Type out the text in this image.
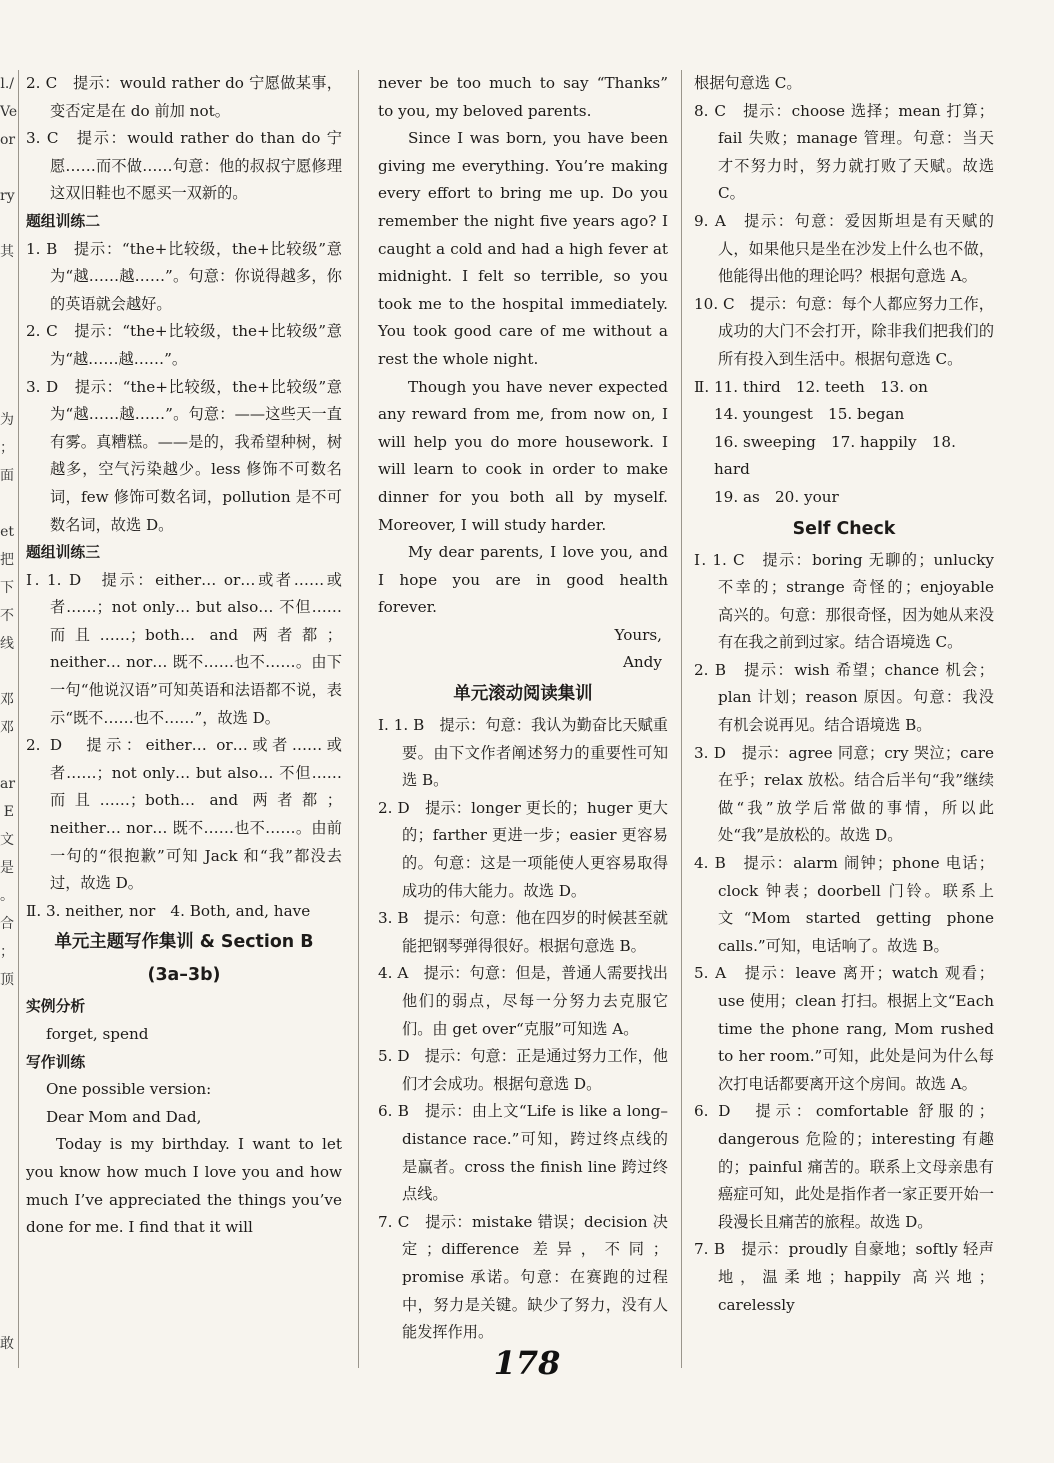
l./

Ve

or

ry

其

为

；

面

et

把

下

不

线

邓

邓

ar

E

文

是

。

合

；

顶

敢

2. C　提示：would rather do 宁愿做某事，变否定是在 do 前加 not。

3. C　提示：would rather do than do 宁愿……而不做……句意：他的叔叔宁愿修理这双旧鞋也不愿买一双新的。

题组训练二

1. B　提示：“the+比较级，the+比较级”意为“越……越……”。句意：你说得越多，你的英语就会越好。

2. C　提示：“the+比较级，the+比较级”意为“越……越……”。

3. D　提示：“the+比较级，the+比较级”意为“越……越……”。句意：——这些天一直有雾。真糟糕。——是的，我希望种树，树越多，空气污染越少。less 修饰不可数名词，few 修饰可数名词，pollution 是不可数名词，故选 D。

题组训练三

Ⅰ. 1. D　提示：either… or…或者……或者……；not only… but also… 不但……而且……；both… and 两者都；neither… nor… 既不……也不……。由下一句“他说汉语”可知英语和法语都不说，表示“既不……也不……”，故选 D。

2. D　提示：either… or…或者……或者……；not only… but also… 不但……而且……；both… and 两者都；neither… nor… 既不……也不……。由前一句的“很抱歉”可知 Jack 和“我”都没去过，故选 D。

Ⅱ. 3. neither, nor　4. Both, and, have

单元主题写作集训 & Section B

(3a–3b)

实例分析

forget, spend

写作训练

One possible version:

Dear Mom and Dad,

Today is my birthday. I want to let you know how much I love you and how much I’ve appreciated the things you’ve done for me. I find that it will

never be too much to say “Thanks” to you, my beloved parents.

Since I was born, you have been giving me everything. You’re making every effort to bring me up. Do you remember the night five years ago? I caught a cold and had a high fever at midnight. I felt so terrible, so you took me to the hospital immediately. You took good care of me without a rest the whole night.

Though you have never expected any reward from me, from now on, I will help you do more housework. I will learn to cook in order to make dinner for you both all by myself. Moreover, I will study harder.

My dear parents, I love you, and I hope you are in good health forever.

Yours,

Andy

单元滚动阅读集训

Ⅰ. 1. B　提示：句意：我认为勤奋比天赋重要。由下文作者阐述努力的重要性可知选 B。

2. D　提示：longer 更长的；huger 更大的；farther 更进一步；easier 更容易的。句意：这是一项能使人更容易取得成功的伟大能力。故选 D。

3. B　提示：句意：他在四岁的时候甚至就能把钢琴弹得很好。根据句意选 B。

4. A　提示：句意：但是，普通人需要找出他们的弱点，尽每一分努力去克服它们。由 get over“克服”可知选 A。

5. D　提示：句意：正是通过努力工作，他们才会成功。根据句意选 D。

6. B　提示：由上文“Life is like a long–distance race.”可知，跨过终点线的是赢者。cross the finish line 跨过终点线。

7. C　提示：mistake 错误；decision 决定；difference 差异，不同；promise 承诺。句意：在赛跑的过程中，努力是关键。缺少了努力，没有人能发挥作用。

根据句意选 C。

8. C　提示：choose 选择；mean 打算；fail 失败；manage 管理。句意：当天才不努力时，努力就打败了天赋。故选 C。

9. A　提示：句意：爱因斯坦是有天赋的人，如果他只是坐在沙发上什么也不做，他能得出他的理论吗？根据句意选 A。

10. C　提示：句意：每个人都应努力工作，成功的大门不会打开，除非我们把我们的所有投入到生活中。根据句意选 C。

Ⅱ. 11. third　12. teeth　13. on

14. youngest　15. began

16. sweeping　17. happily　18. hard

19. as　20. your

Self Check

Ⅰ. 1. C　提示：boring 无聊的；unlucky 不幸的；strange 奇怪的；enjoyable 高兴的。句意：那很奇怪，因为她从来没有在我之前到过家。结合语境选 C。

2. B　提示：wish 希望；chance 机会；plan 计划；reason 原因。句意：我没有机会说再见。结合语境选 B。

3. D　提示：agree 同意；cry 哭泣；care 在乎；relax 放松。结合后半句“我”继续做“我”放学后常做的事情，所以此处“我”是放松的。故选 D。

4. B　提示：alarm 闹钟；phone 电话；clock 钟表；doorbell 门铃。联系上文“Mom started getting phone calls.”可知，电话响了。故选 B。

5. A　提示：leave 离开；watch 观看；use 使用；clean 打扫。根据上文“Each time the phone rang, Mom rushed to her room.”可知，此处是问为什么每次打电话都要离开这个房间。故选 A。

6. D　提示：comfortable 舒服的；dangerous 危险的；interesting 有趣的；painful 痛苦的。联系上文母亲患有癌症可知，此处是指作者一家正要开始一段漫长且痛苦的旅程。故选 D。

7. B　提示：proudly 自豪地；softly 轻声地，温柔地；happily 高兴地；carelessly

178
